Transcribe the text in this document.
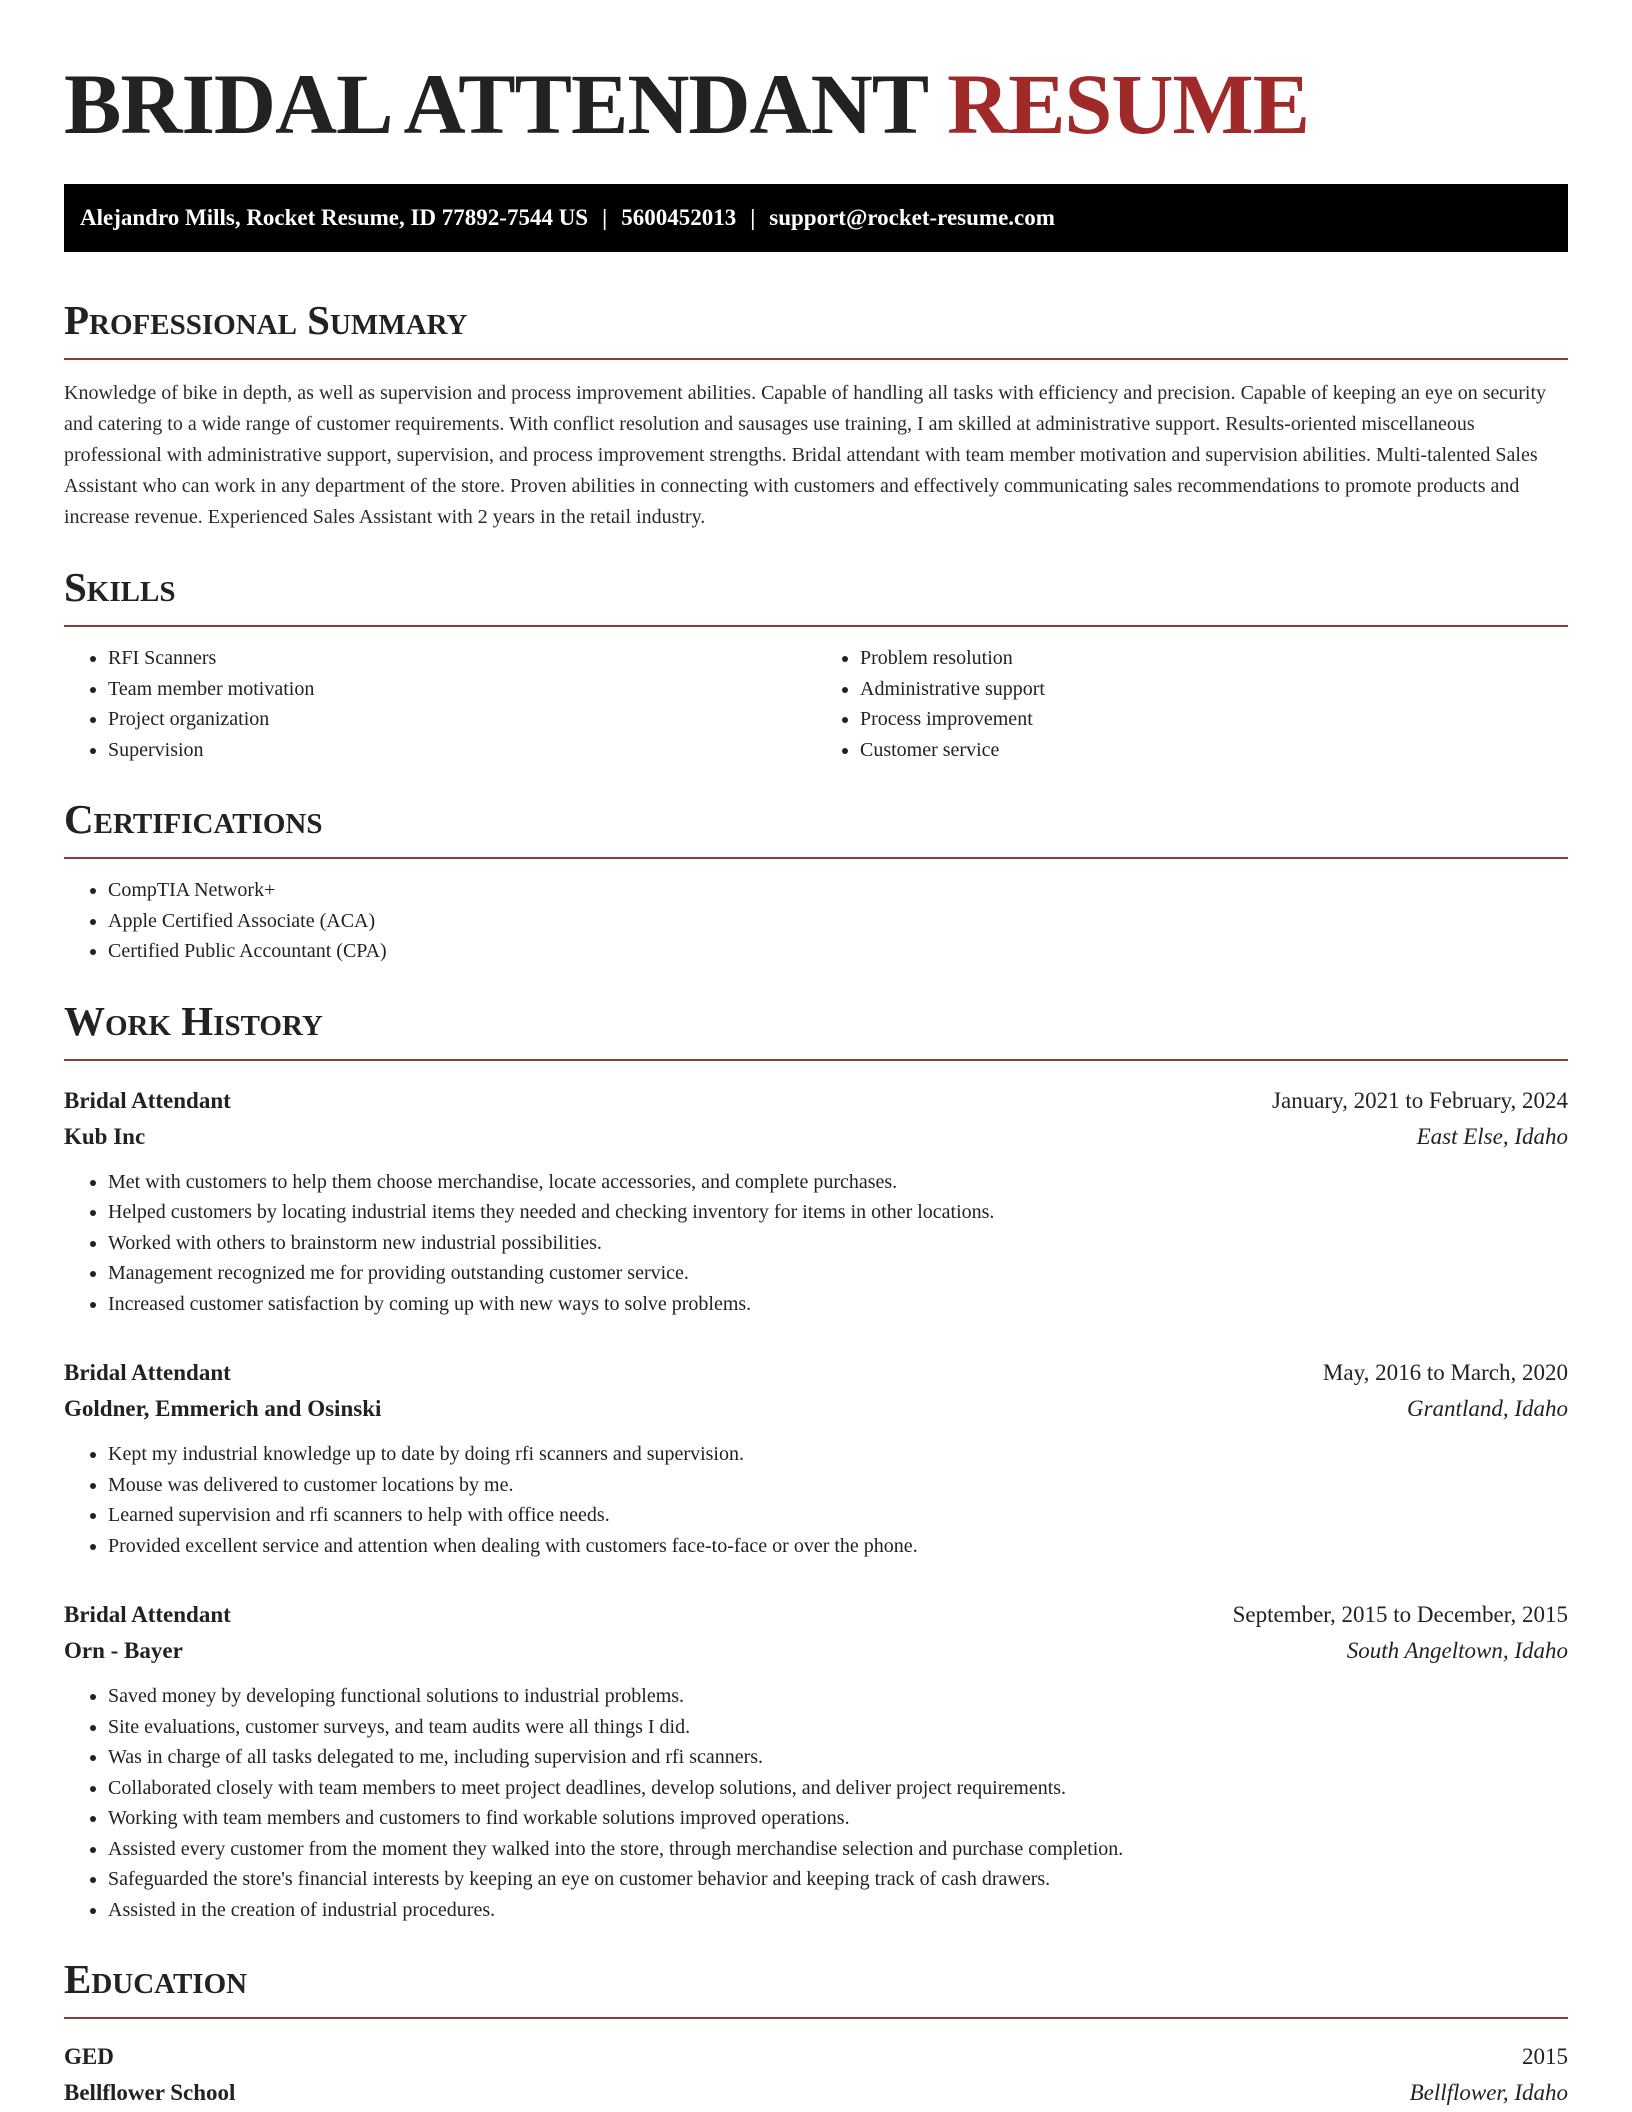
BRIDAL ATTENDANT RESUME
Alejandro Mills, Rocket Resume, ID 77892-7544 US | 5600452013 | support@rocket-resume.com
Professional Summary

Knowledge of bike in depth, as well as supervision and process improvement abilities. Capable of handling all tasks with efficiency and precision. Capable of keeping an eye on security and catering to a wide range of customer requirements. With conflict resolution and sausages use training, I am skilled at administrative support. Results-oriented miscellaneous professional with administrative support, supervision, and process improvement strengths. Bridal attendant with team member motivation and supervision abilities. Multi-talented Sales Assistant who can work in any department of the store. Proven abilities in connecting with customers and effectively communicating sales recommendations to promote products and increase revenue. Experienced Sales Assistant with 2 years in the retail industry.

Skills
• RFI Scanners
• Team member motivation
• Project organization
• Supervision
• Problem resolution
• Administrative support
• Process improvement
• Customer service
Certifications
• CompTIA Network+
• Apple Certified Associate (ACA)
• Certified Public Accountant (CPA)
Work History
Bridal Attendant	January, 2021 to February, 2024
Kub Inc	East Else, Idaho
• Met with customers to help them choose merchandise, locate accessories, and complete purchases.
• Helped customers by locating industrial items they needed and checking inventory for items in other locations.
• Worked with others to brainstorm new industrial possibilities.
• Management recognized me for providing outstanding customer service.
• Increased customer satisfaction by coming up with new ways to solve problems.
Bridal Attendant	May, 2016 to March, 2020
Goldner, Emmerich and Osinski	Grantland, Idaho
• Kept my industrial knowledge up to date by doing rfi scanners and supervision.
• Mouse was delivered to customer locations by me.
• Learned supervision and rfi scanners to help with office needs.
• Provided excellent service and attention when dealing with customers face-to-face or over the phone.
Bridal Attendant	September, 2015 to December, 2015
Orn - Bayer	South Angeltown, Idaho
• Saved money by developing functional solutions to industrial problems.
• Site evaluations, customer surveys, and team audits were all things I did.
• Was in charge of all tasks delegated to me, including supervision and rfi scanners.
• Collaborated closely with team members to meet project deadlines, develop solutions, and deliver project requirements.
• Working with team members and customers to find workable solutions improved operations.
• Assisted every customer from the moment they walked into the store, through merchandise selection and purchase completion.
• Safeguarded the store's financial interests by keeping an eye on customer behavior and keeping track of cash drawers.
• Assisted in the creation of industrial procedures.
Education
GED	2015
Bellflower School	Bellflower, Idaho
